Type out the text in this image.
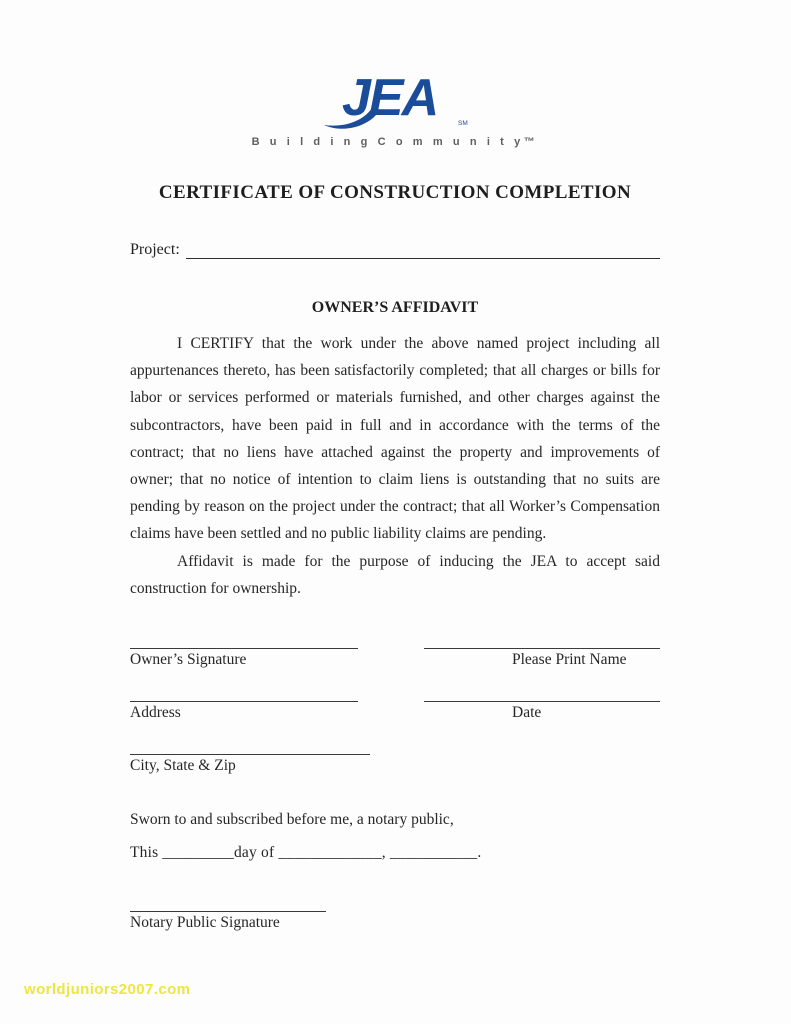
JEA	SM
B u i l d i n g C o m m u n i t y™
CERTIFICATE OF CONSTRUCTION COMPLETION
Project:
OWNER’S AFFIDAVIT

I CERTIFY that the work under the above named project including all appurtenances thereto, has been satisfactorily completed; that all charges or bills for labor or services performed or materials furnished, and other charges against the subcontractors, have been paid in full and in accordance with the terms of the contract; that no liens have attached against the property and improvements of owner; that no notice of intention to claim liens is outstanding that no suits are pending by reason on the project under the contract; that all Worker’s Compensation claims have been settled and no public liability claims are pending.

Affidavit is made for the purpose of inducing the JEA to accept said construction for ownership.

Owner’s Signature	Please Print Name
Address	Date
City, State & Zip

Sworn to and subscribed before me, a notary public,

This _________day of _____________, ___________.

Notary Public Signature
worldjuniors2007.com
